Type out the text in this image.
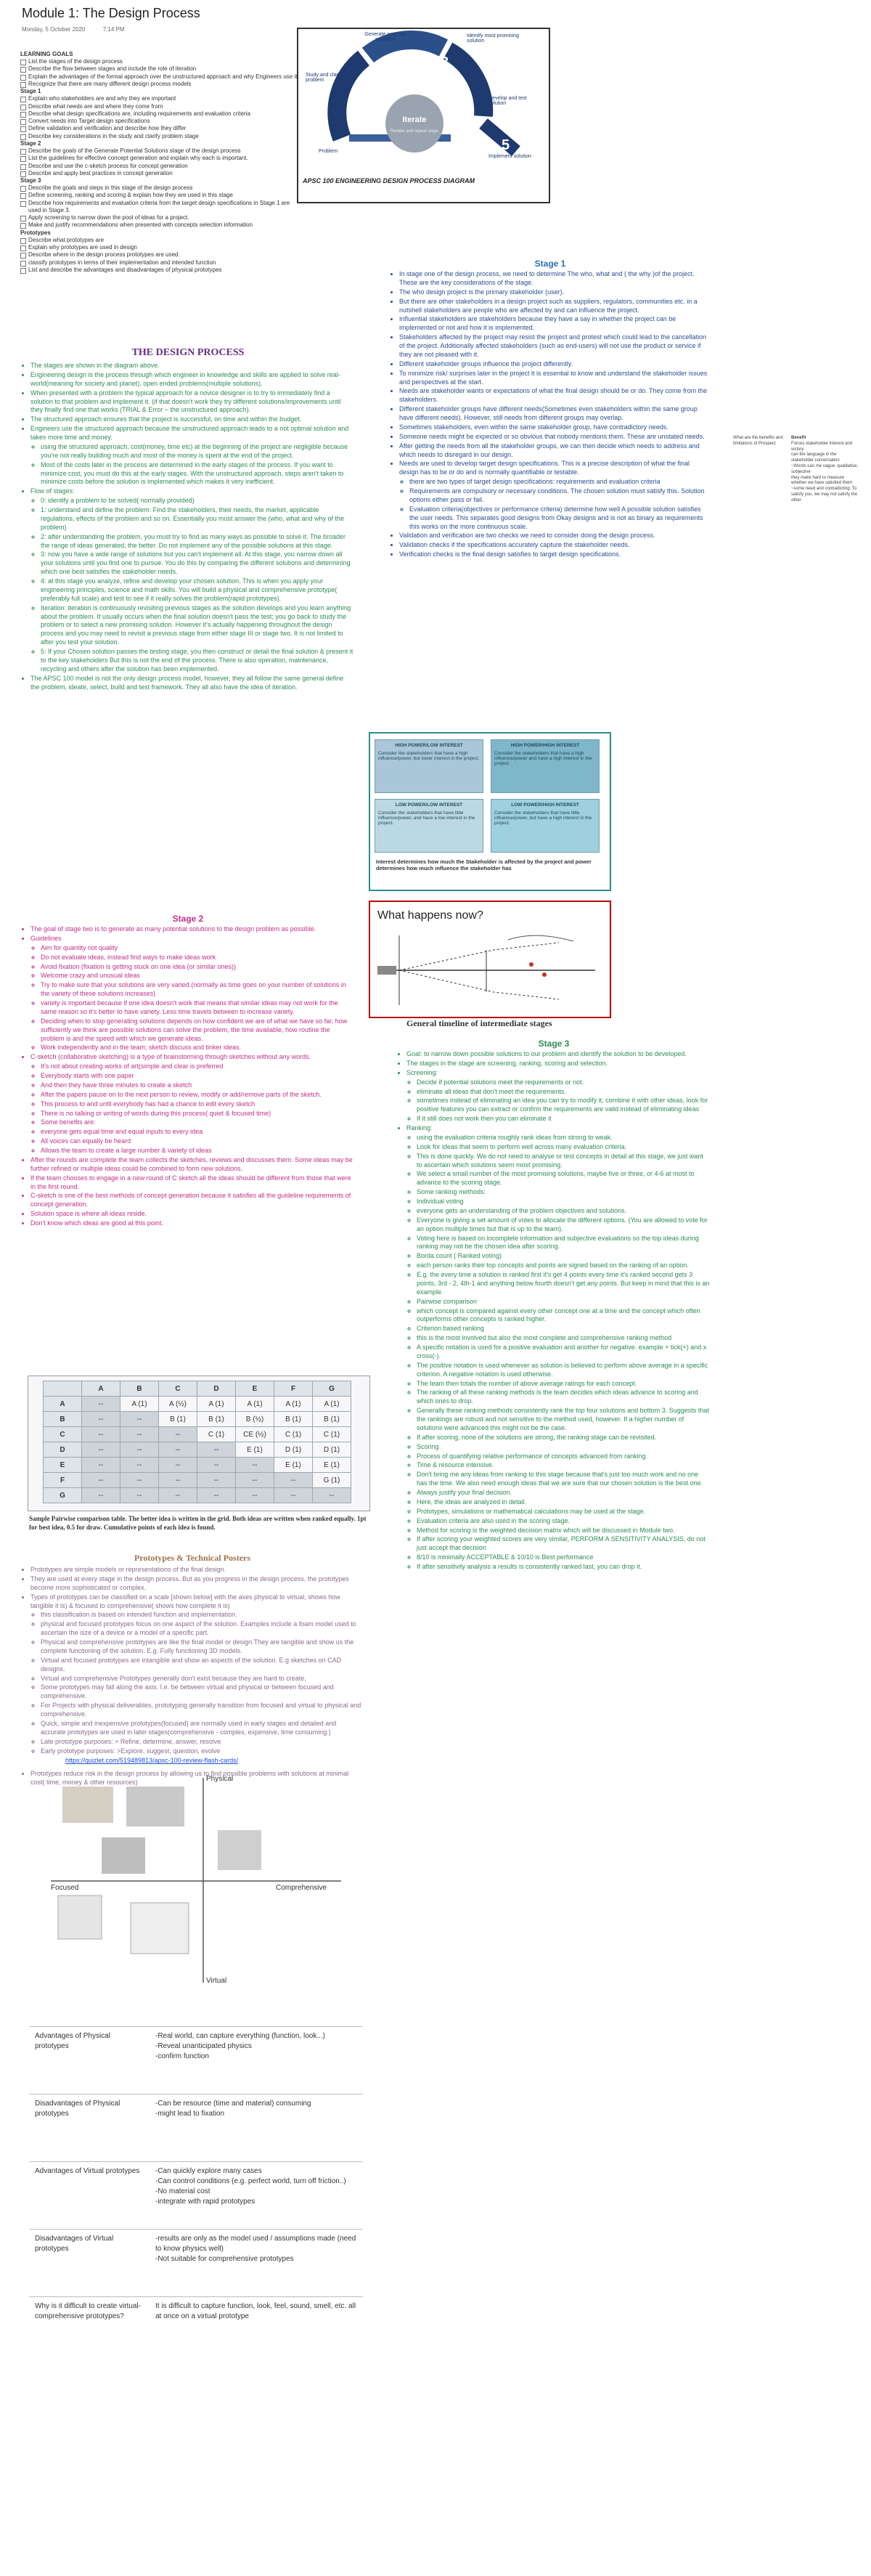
Module 1: The Design Process
Monday, 5 October 2020	7:14 PM
LEARNING GOALS
List the stages of the design process
Describe the flow between stages and include the role of iteration
Explain the advantages of the formal approach over the unstructured approach and why Engineers use it
Recognize that there are many different design process models
Stage 1
Explain who stakeholders are and why they are important
Describe what needs are and where they come from
Describe what design specifications are, including requirements and evaluation criteria
Convert needs into Target design specifications
Define validation and verification and describe how they differ
Describe key considerations in the study and clarify problem stage
Stage 2
Describe the goals of the Generate Potential Solutions stage of the design process
List the guidelines for effective concept generation and explain why each is important.
Describe and use the c-sketch process for concept generation
Describe and apply best practices in concept generation
Stage 3
Describe the goals and steps in this stage of the design process
Define screening, ranking and scoring & explain how they are used in this stage
Describe how requirements and evaluation criteria from the target design specifications in Stage 1 are used in Stage 3.
Apply screening to narrow down the pool of ideas for a project.
Make and justify recommendations when presented with concepts selection information
Prototypes
Describe what prototypes are
Explain why prototypes are used in design
Describe where in the design process prototypes are used.
classify prototypes in terms of their implementation and intended function
List and describe the advantages and disadvantages of physical prototypes
1
2	3
4
5
Iterate
Review and repeat steps
Problem
Study and clarify problem
Generate potential solutions
Identify most promising solution
Develop and test solution
Implement solution
APSC 100 ENGINEERING DESIGN PROCESS DIAGRAM
THE DESIGN PROCESS
• The stages are shown in the diagram above.
• Engineering design is the process through which engineer in knowledge and skills are applied to solve real-world(meaning for society and planet), open ended problems(multiple solutions).
• When presented with a problem the typical approach for a novice designer is to try to immediately find a solution to that problem and implement it. (if that doesn't work they try different solutions/improvements until they finally find one that works (TRIAL & Error ~ the unstructured approach).
• The structured approach ensures that the project is successful, on time and within the budget.
• Engineers use the structured approach because the unstructured approach leads to a not optimal solution and takes more time and money.
◦ using the structured approach, cost(money, time etc) at the beginning of the project are negligible because you're not really building much and most of the money is spent at the end of the project.
◦ Most of the costs later in the process are determined in the early stages of the process. If you want to minimize cost, you must do this at the early stages. With the unstructured approach, steps aren't taken to minimize costs before the solution is implemented which makes it very inefficient.
• Flow of stages:
◦ 0: identify a problem to be solved( normally provided)
◦ 1: understand and define the problem: Find the stakeholders, their needs, the market, applicable regulations, effects of the problem and so on. Essentially you must answer the (who, what and why of the problem)
◦ 2: after understanding the problem, you must try to find as many ways as possible to solve it. The broader the range of ideas generated, the better. Do not implement any of the possible solutions at this stage.
◦ 3: now you have a wide range of solutions but you can't implement all. At this stage, you narrow down all your solutions until you find one to pursue. You do this by comparing the different solutions and determining which one best satisfies the stakeholder needs.
◦ 4: at this stage you analyze, refine and develop your chosen solution. This is when you apply your engineering principles, science and math skills. You will build a physical and comprehensive prototype( preferably full scale) and test to see if it really solves the problem(rapid prototypes).
◦ Iteration: iteration is continuously revisiting previous stages as the solution develops and you learn anything about the problem. It usually occurs when the final solution doesn't pass the test; you go back to study the problem or to select a new promising solution. However it's actually happening throughout the design process and you may need to revisit a previous stage from either stage III or stage two. It is not limited to after you test your solution.
◦ 5: If your Chosen solution passes the testing stage, you then construct or detail the final solution & present it to the key stakeholders But this is not the end of the process. There is also operation, maintenance, recycling and others after the solution has been implemented.
• The APSC 100 model is not the only design process model, however, they all follow the same general define the problem, ideate, select, build and test framework. They all also have the idea of iteration.
Stage 1
• In stage one of the design process, we need to determine The who, what and ( the why )of the project. These are the key considerations of the stage.
• The who design project is the primary stakeholder (user).
• But there are other stakeholders in a design project such as suppliers, regulators, communities etc. in a nutshell stakeholders are people who are affected by and can influence the project.
• Influential stakeholders are stakeholders because they have a say in whether the project can be implemented or not and how it is implemented.
• Stakeholders affected by the project may resist the project and protest which could lead to the cancellation of the project. Additionally affected stakeholders (such as end-users) will not use the product or service if they are not pleased with it.
• Different stakeholder groups influence the project differently.
• To minimize risk/ surprises later in the project it is essential to know and understand the stakeholder issues and perspectives at the start.
• Needs are stakeholder wants or expectations of what the final design should be or do. They come from the stakeholders.
• Different stakeholder groups have different needs(Sometimes even stakeholders within the same group have different needs). However, still needs from different groups may overlap.
• Sometimes stakeholders, even within the same stakeholder group, have contradictory needs.
• Someone needs might be expected or so obvious that nobody mentions them. These are unstated needs.
• After getting the needs from all the stakeholder groups, we can then decide which needs to address and which needs to disregard in our design.
• Needs are used to develop target design specifications. This is a precise description of what the final design has to be or do and is normally quantifiable or testable.
◦ there are two types of target design specifications: requirements and evaluation criteria
◦ Requirements are compulsory or necessary conditions. The chosen solution must satisfy this. Solution options either pass or fail.
◦ Evaluation criteria(objectives or performance criteria) determine how well A possible solution satisfies the user needs. This separates good designs from Okay designs and is not as binary as requirements this works on the more continuous scale.
• Validation and verification are two checks we need to consider doing the design process.
• Validation checks if the specifications accurately capture the stakeholder needs.
• Verification checks is the final design satisfies to target design specifications.
What are the benefits and limitations of Prospect
Benefit
Forces stakeholder interest and victory
can the language in the stakeholder conversation
~Words can me vague, qualitative, subjective
they make hard to measure whether we have satisfied them
~some need and contradicting. To satisfy you, we may not satisfy the other
HIGH POWER/LOW INTEREST
Consider the stakeholders that have a high influence/power, but lower interest in the project.
HIGH POWER/HIGH INTEREST
Consider the stakeholders that have a high influence/power and have a high interest in the project.
LOW POWER/LOW INTEREST
Consider the stakeholders that have little influence/power, and have a low interest in the project.
LOW POWER/HIGH INTEREST
Consider the stakeholders that have little influence/power, but have a high interest in the project.
Interest determines how much the Stakeholder is affected by the project and power determines how much influence the stakeholder has
What happens now?
General timeline of intermediate stages
Stage 2
• The goal of stage two is to generate as many potential solutions to the design problem as possible.
• Guidelines
◦ Aim for quantity not quality
◦ Do not evaluate ideas, instead find ways to make ideas work
◦ Avoid fixation (fixation is getting stuck on one idea (or similar ones))
◦ Welcome crazy and unusual ideas
◦ Try to make sure that your solutions are very varied.(normally as time goes on your number of solutions in the variety of these solutions increases)
◦ variety is important because if one idea doesn't work that means that similar ideas may not work for the same reason so it's better to have variety. Less time travels between to increase variety.
◦ Deciding when to stop generating solutions depends on how confident we are of what we have so far, how sufficiently we think are possible solutions can solve the problem, the time available, how routine the problem is and the speed with which we generate ideas.
◦ Work independently and in the team; sketch discuss and tinker ideas.
• C-sketch (collaborative sketching) is a type of brainstorming through sketches without any words.
◦ It's not about creating works of art(simple and clear is preferred
◦ Everybody starts with one paper
◦ And then they have three minutes to create a sketch
◦ After the papers pause on to the next person to review, modify or add/remove parts of the sketch.
◦ This process to and until everybody has had a chance to edit every sketch
◦ There is no talking or writing of words during this process( quiet & focused time)
◦ Some benefits are:
◦ everyone gets equal time and equal inputs to every idea
◦ All voices can equally be heard
◦ Allows the team to create a large number & variety of ideas
• After the rounds are complete the team collects the sketches, reviews and discusses them. Some ideas may be further refined or multiple ideas could be combined to form new solutions.
• If the team chooses to engage in a new round of C sketch all the ideas should be different from those that were in the first round.
• C-sketch is one of the best methods of concept generation because it satisfies all the guideline requirements of concept generation.
• Solution space is where all ideas reside.
• Don't know which ideas are good at this point.
Stage 3
• Goal: to narrow down possible solutions to our problem and identify the solution to be developed.
• The stages in the stage are screening, ranking, scoring and selection.
• Screening:
◦ Decide if potential solutions meet the requirements or not.
◦ eliminate all ideas that don't meet the requirements.
◦ sometimes instead of eliminating an idea you can try to modify it, combine it with other ideas, look for positive features you can extract or confirm the requirements are valid instead of eliminating ideas
◦ If it still does not work then you can eliminate it
• Ranking:
◦ using the evaluation criteria roughly rank ideas from strong to weak.
◦ Look for ideas that seem to perform well across many evaluation criteria.
◦ This is done quickly. We do not need to analyse or test concepts in detail at this stage, we just want to ascertain which solutions seem most promising.
◦ We select a small number of the most promising solutions, maybe five or three, or 4-6 at most to advance to the scoring stage.
◦ Some ranking methods:
◦ Individual voting
◦ everyone gets an understanding of the problem objectives and solutions.
◦ Everyone is giving a set amount of votes to allocate the different options. (You are allowed to vote for an option multiple times but that is up to the team).
◦ Voting here is based on incomplete information and subjective evaluations so the top ideas during ranking may not be the chosen idea after scoring.
◦ Borda count ( Ranked voting)
◦ each person ranks their top concepts and points are signed based on the ranking of an option.
◦ E.g. the every time a solution is ranked first it's get 4 points every time it's ranked second gets 3 points, 3rd - 2, 4th-1 and anything below fourth doesn't get any points. But keep in mind that this is an example.
◦ Pairwise comparison
◦ which concept is compared against every other concept one at a time and the concept which often outperforms other concepts is ranked higher.
◦ Criterion based ranking
◦ this is the most involved but also the most complete and comprehensive ranking method
◦ A specific notation is used for a positive evaluation and another for negative. example + tick(+) and x cross(-).
◦ The positive notation is used whenever as solution is believed to perform above average in a specific criterion. A negative notation is used otherwise.
◦ The team then totals the number of above average ratings for each concept.
◦ The ranking of all these ranking methods is the team decides which ideas advance to scoring and which ones to drop.
◦ Generally these ranking methods consistently rank the top four solutions and bottom 3. Suggests that the rankings are robust and not sensitive to the method used, however. If a higher number of solutions were advanced this might not be the case.
◦ If after scoring, none of the solutions are strong, the ranking stage can be revisited.
◦ Scoring
◦ Process of quantifying relative performance of concepts advanced from ranking.
◦ Time & resource intensive.
◦ Don't bring me any ideas from ranking to this stage because that's just too much work and no one has the time. We also need enough ideas that we are sure that our chosen solution is the best one.
◦ Always justify your final decision.
◦ Here, the ideas are analyzed in detail.
◦ Prototypes, simulations or mathematical calculations may be used at the stage.
◦ Evaluation criteria are also used in the scoring stage.
◦ Method for scoring is the weighted decision matrix which will be discussed in Module two.
◦ If after scoring your weighted scores are very similar, PERFORM A SENSITIVITY ANALYSIS, do not just accept that decision
◦ 8/10 is minimally ACCEPTABLE & 10/10 is Best performance
◦ If after sensitivity analysis a results is consistently ranked last, you can drop it.
	A	B	C	D	E	F	G
A	--	A (1)	A (½)	A (1)	A (1)	A (1)	A (1)
B	--	--	B (1)	B (1)	B (½)	B (1)	B (1)
C	--	--	--	C (1)	CE (½)	C (1)	C (1)
D	--	--	--	--	E (1)	D (1)	D (1)
E	--	--	--	--	--	E (1)	E (1)
F	--	--	--	--	--	--	G (1)
G	--	--	--	--	--	--	--
Sample Pairwise comparison table. The better idea is written in the grid. Both ideas are written when ranked equally. 1pt for best idea, 0.5 for draw. Cumulative points of each idea is found.
Prototypes & Technical Posters
• Prototypes are simple models or representations of the final design.
• They are used at every stage in the design process. But as you progress in the design process, the prototypes become more sophisticated or complex.
• Types of prototypes can be classified on a scale [shown below] with the axes physical to virtual, shows how tangible it is) & focused to comprehensive( shows how complete it is)
◦ this classification is based on intended function and implementation.
◦ physical and focused prototypes focus on one aspect of the solution. Examples include a foam model used to ascertain the size of a device or a model of a specific part.
◦ Physical and comprehensive prototypes are like the final model or design.They are tangible and show us the complete functioning of the solution. E.g. Fully functioning 3D models.
◦ Virtual and focused prototypes are intangible and show an aspects of the solution. E.g sketches on CAD designs.
◦ Virtual and comprehensive Prototypes generally don't exist because they are hard to create.
◦ Some prototypes may fall along the axis. I.e. be between virtual and physical or between focused and comprehensive.
◦ For Projects with physical deliverables, prototyping generally transition from focused and virtual to physical and comprehensive.
◦ Quick, simple and inexpensive prototypes(focused) are normally used in early stages and detailed and accurate prototypes are used in later stages(comprehensive - complex, expensive, time consuming.)
◦ Late prototype purposes: > Refine, determine, answer, resolve
◦ Early prototype purposes: >Explore, suggest, question, evolve
https://quizlet.com/519489813/apsc-100-review-flash-cards/
• Prototypes reduce risk in the design process by allowing us to find possible problems with solutions at minimal cost( time, money & other resources)	Physical
Virtual
Focused	Comprehensive
Advantages of Physical prototypes	-Real world, can capture everything (function, look...)
-Reveal unanticipated physics
-confirm function

Disadvantages of Physical prototypes	-Can be resource (time and material) consuming
-might lead to fixation

Advantages of Virtual prototypes	-Can quickly explore many cases
-Can control conditions (e.g. perfect world, turn off friction..)
-No material cost
-integrate with rapid prototypes

Disadvantages of Virtual prototypes	-results are only as the model used / assumptions made (need to know physics well)
-Not suitable for comprehensive prototypes

Why is it difficult to create virtual-comprehensive prototypes?	It is difficult to capture function, look, feel, sound, smell, etc. all at once on a virtual prototype
